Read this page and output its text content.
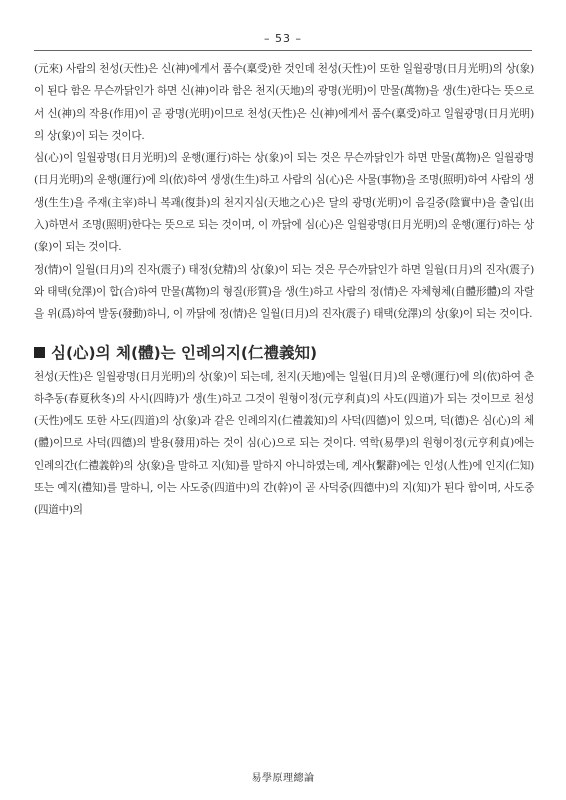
– 53 –

(元來) 사람의 천성(天性)은 신(神)에게서 품수(稟受)한 것인데 천성(天性)이 또한 일월광명(日月光明)의 상(象)이 된다 함은 무슨까닭인가 하면 신(神)이라 함은 천지(天地)의 광명(光明)이 만물(萬物)을 생(生)한다는 뜻으로서 신(神)의 작용(作用)이 곧 광명(光明)이므로 천성(天性)은 신(神)에게서 품수(稟受)하고 일월광명(日月光明)의 상(象)이 되는 것이다.

심(心)이 일월광명(日月光明)의 운행(運行)하는 상(象)이 되는 것은 무슨까닭인가 하면 만물(萬物)은 일월광명(日月光明)의 운행(運行)에 의(依)하여 생생(生生)하고 사람의 심(心)은 사물(事物)을 조명(照明)하여 사람의 생생(生生)을 주재(主宰)하니 복괘(復卦)의 천지지심(天地之心)은 달의 광명(光明)이 음길중(陰實中)을 출입(出入)하면서 조명(照明)한다는 뜻으로 되는 것이며, 이 까닭에 심(心)은 일월광명(日月光明)의 운행(運行)하는 상(象)이 되는 것이다.

정(情)이 일월(日月)의 진자(震子) 태정(兌精)의 상(象)이 되는 것은 무슨까닭인가 하면 일월(日月)의 진자(震子)와 태택(兌澤)이 합(合)하여 만물(萬物)의 형질(形質)을 생(生)하고 사람의 정(情)은 자체형체(自體形體)의 자랄을 위(爲)하여 발동(發動)하니, 이 까닭에 정(情)은 일월(日月)의 진자(震子) 태택(兌澤)의 상(象)이 되는 것이다.

심(心)의 체(體)는 인례의지(仁禮義知)

천성(天性)은 일월광명(日月光明)의 상(象)이 되는데, 천지(天地)에는 일월(日月)의 운행(運行)에 의(依)하여 춘하추동(春夏秋冬)의 사시(四時)가 생(生)하고 그것이 원형이정(元亨利貞)의 사도(四道)가 되는 것이므로 천성(天性)에도 또한 사도(四道)의 상(象)과 같은 인례의지(仁禮義知)의 사덕(四德)이 있으며, 덕(德)은 심(心)의 체(體)이므로 사덕(四德)의 발용(發用)하는 것이 심(心)으로 되는 것이다. 역학(易學)의 원형이정(元亨利貞)에는 인례의간(仁禮義幹)의 상(象)을 말하고 지(知)를 말하지 아니하였는데, 계사(繫辭)에는 인성(人性)에 인지(仁知) 또는 예지(禮知)를 말하니, 이는 사도중(四道中)의 간(幹)이 곧 사덕중(四德中)의 지(知)가 된다 함이며, 사도중(四道中)의

易學原理總論
